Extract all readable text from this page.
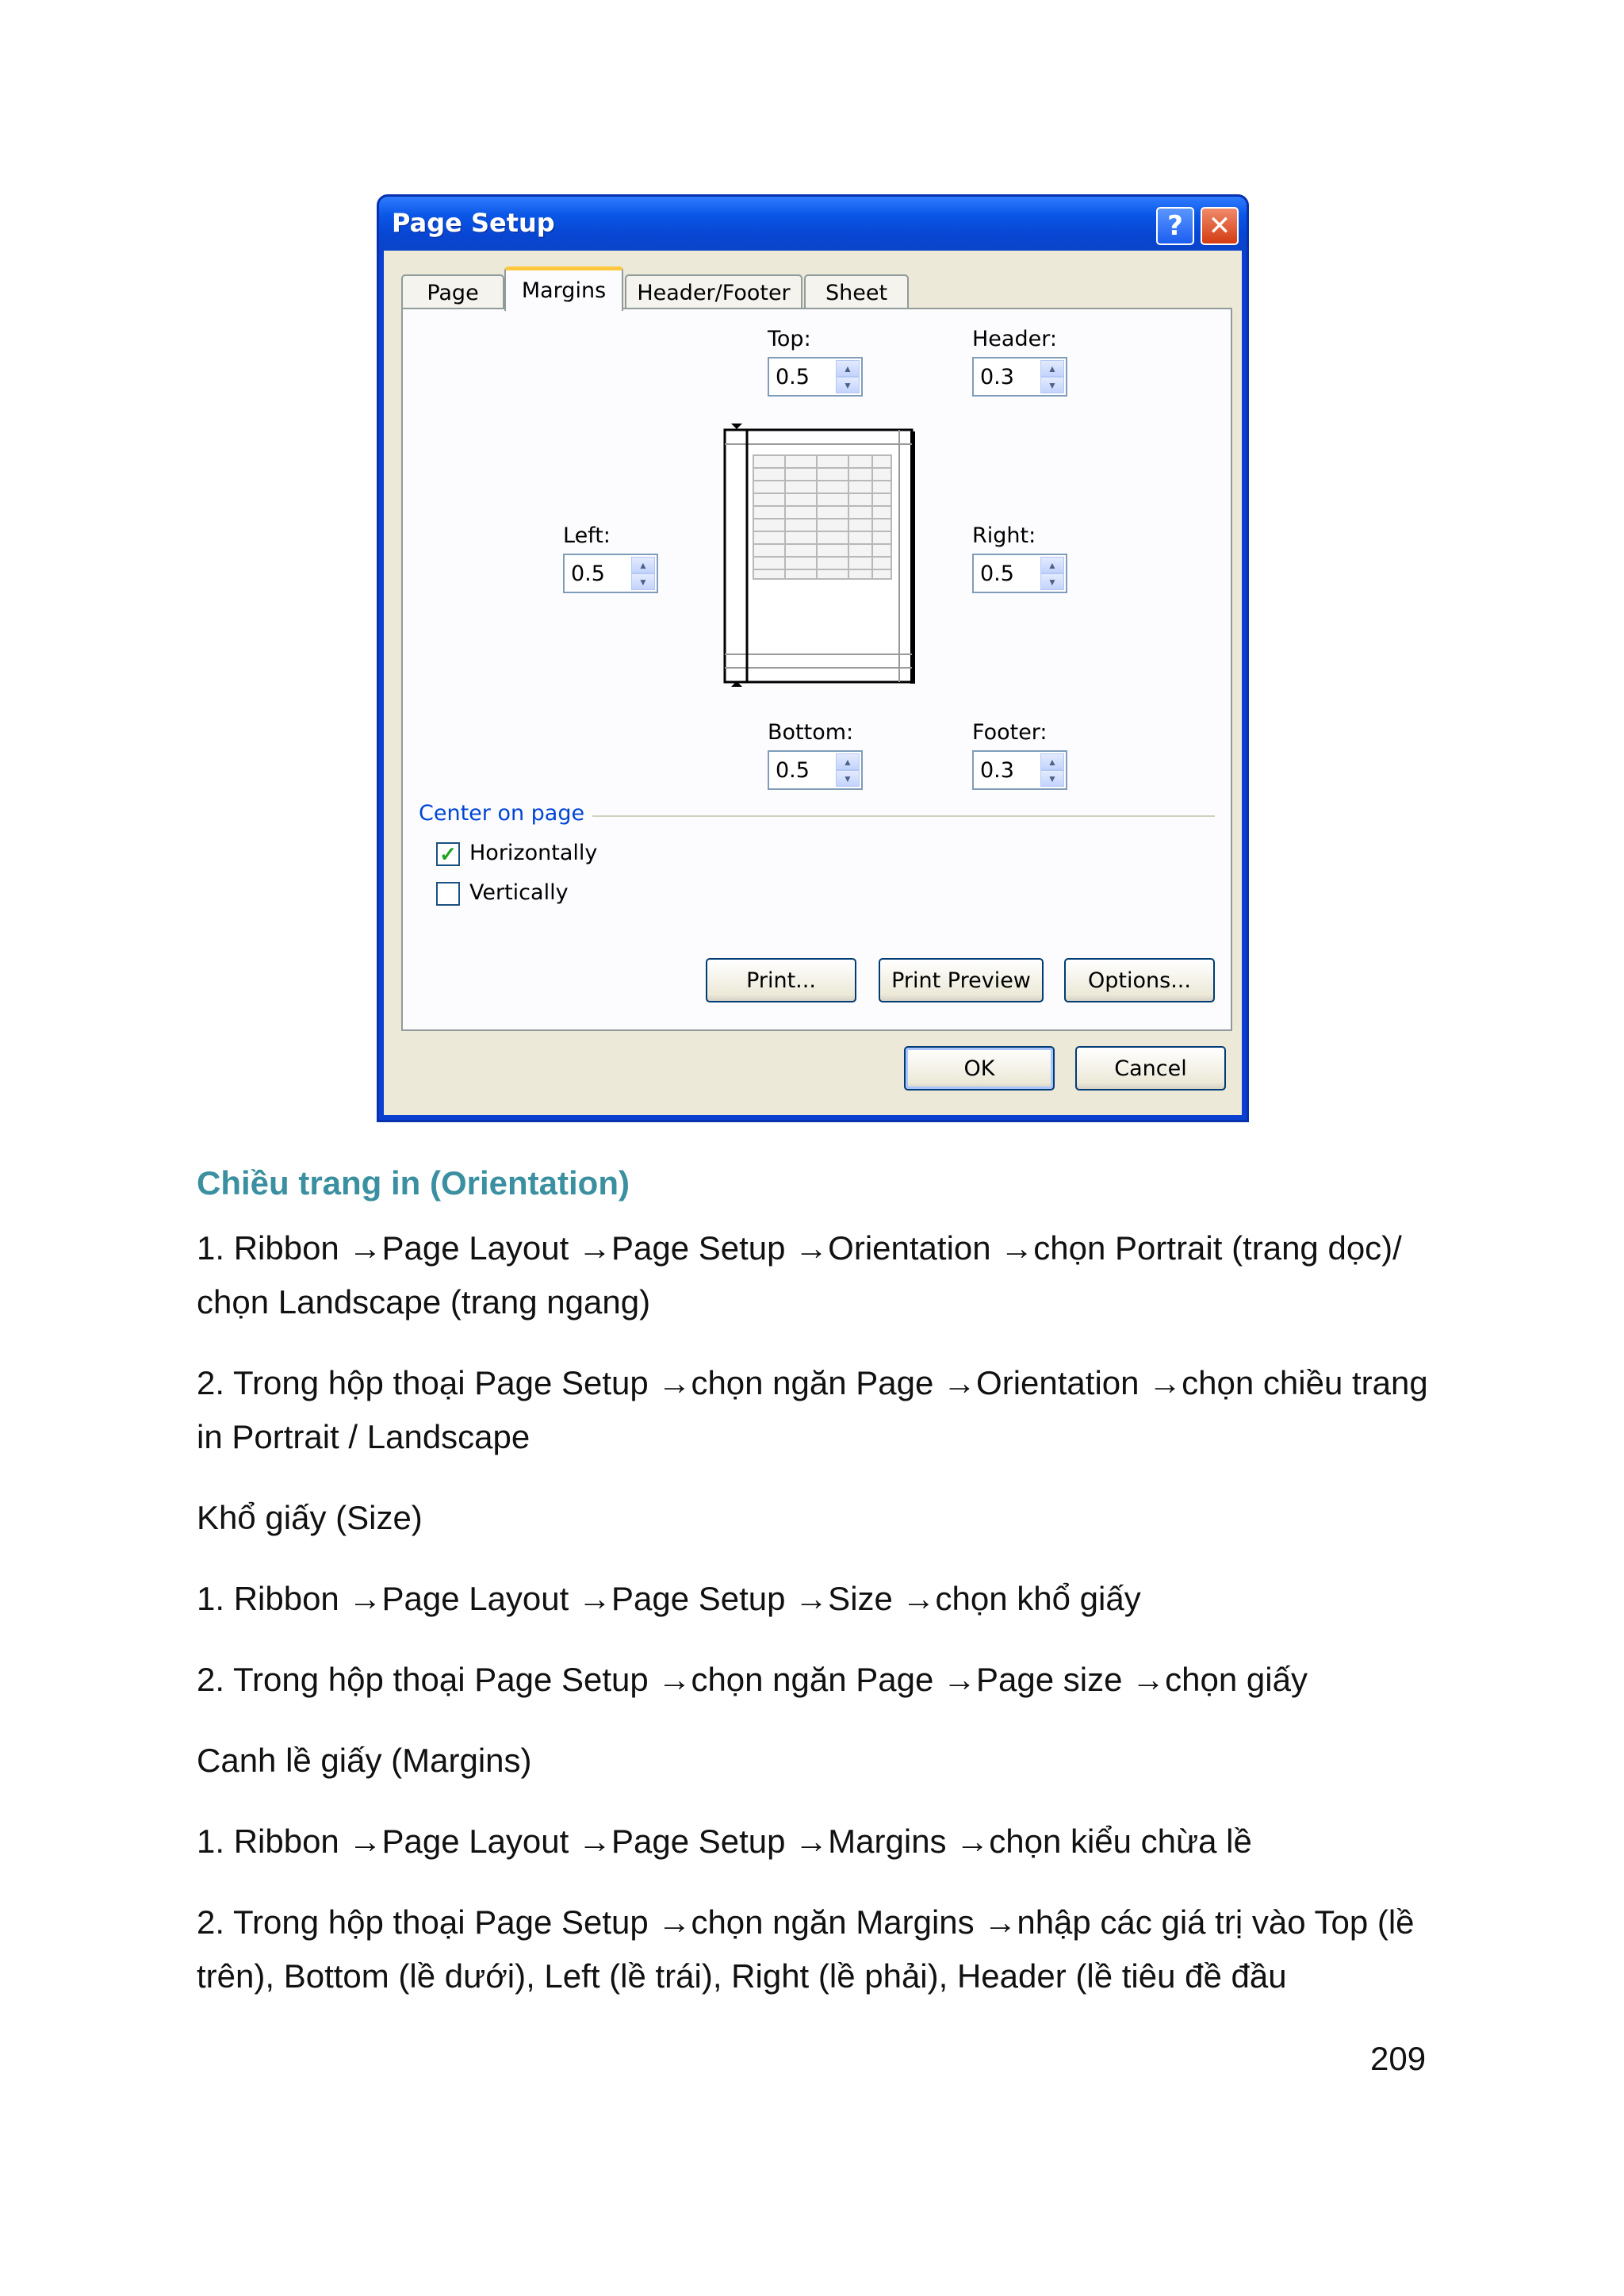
Page Setup	? ✕
Page	Margins	Header/Footer	Sheet
Top:
0.5	▲
▼
Header:
0.3	▲
▼
Left:
0.5	▲
▼
Right:
0.5	▲
▼
Bottom:
0.5	▲
▼
Footer:
0.3	▲
▼
Center on page
✓ Horizontally
Vertically
Print...	Print Preview	Options...
OK	Cancel
Chiều trang in (Orientation)
1. Ribbon →Page Layout →Page Setup →Orientation →chọn Portrait (trang dọc)/ chọn Landscape (trang ngang)
2. Trong hộp thoại Page Setup →chọn ngăn Page →Orientation →chọn chiều trang in Portrait / Landscape
Khổ giấy (Size)
1. Ribbon →Page Layout →Page Setup →Size →chọn khổ giấy
2. Trong hộp thoại Page Setup →chọn ngăn Page →Page size →chọn giấy
Canh lề giấy (Margins)
1. Ribbon →Page Layout →Page Setup →Margins →chọn kiểu chừa lề
2. Trong hộp thoại Page Setup →chọn ngăn Margins →nhập các giá trị vào Top (lề trên), Bottom (lề dưới), Left (lề trái), Right (lề phải), Header (lề tiêu đề đầu
209
